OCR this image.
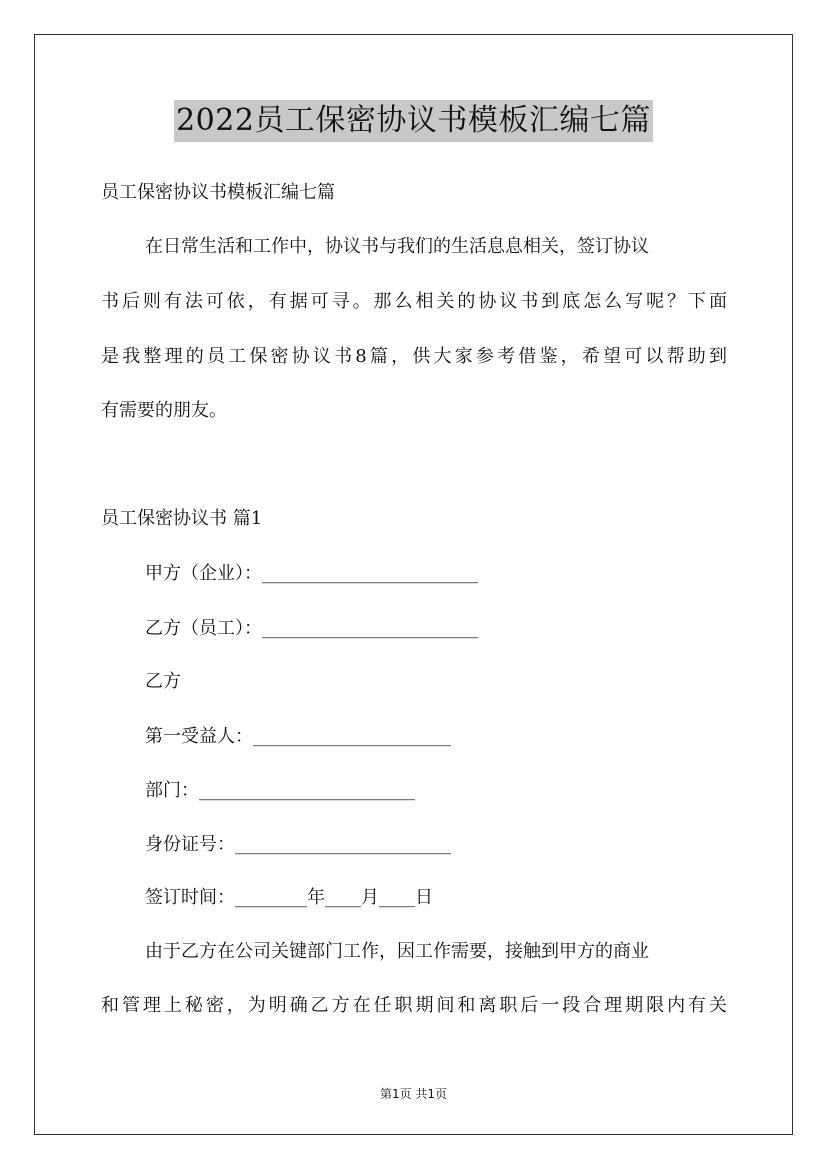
2022员工保密协议书模板汇编七篇
员工保密协议书模板汇编七篇
在日常生活和工作中，协议书与我们的生活息息相关，签订协议
书后则有法可依，有据可寻。那么相关的协议书到底怎么写呢？下面
是我整理的员工保密协议书8篇，供大家参考借鉴，希望可以帮助到
有需要的朋友。
员工保密协议书 篇1
甲方（企业）：________________________
乙方（员工）：________________________
乙方
第一受益人：______________________
部门：________________________
身份证号：________________________
签订时间：________年____月____日
由于乙方在公司关键部门工作，因工作需要，接触到甲方的商业
和管理上秘密，为明确乙方在任职期间和离职后一段合理期限内有关
第1页 共1页
